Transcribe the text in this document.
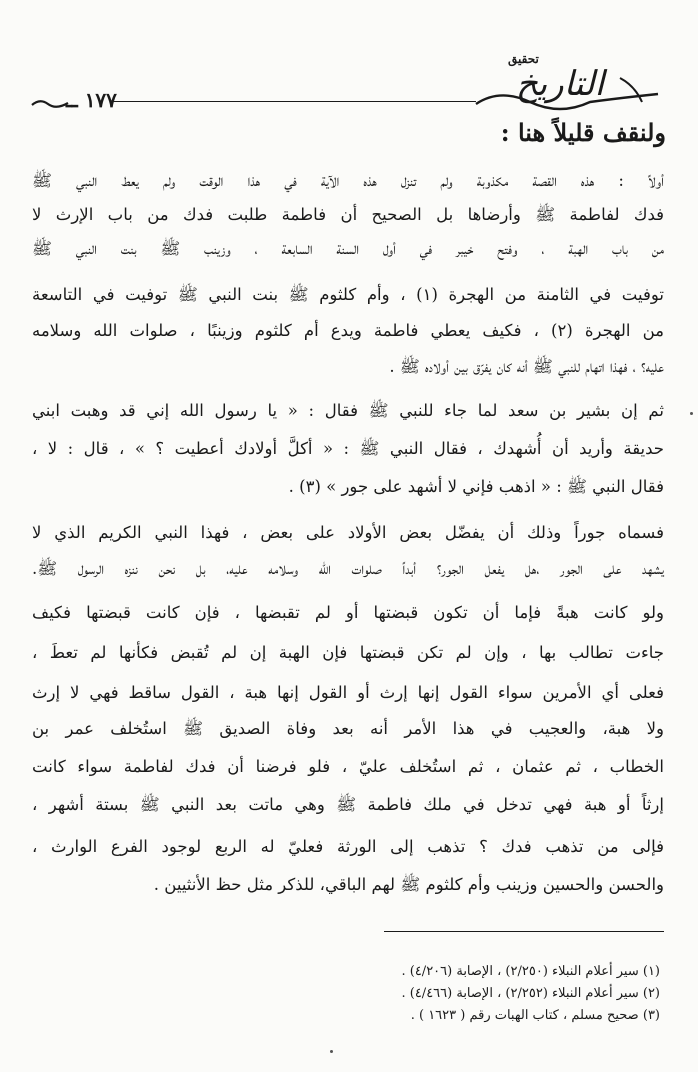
١٧٧ ــ
تحقيق
التاريخ
ولنقف قليلاً هنا :
أولاً : هذه القصة مكذوبة ولم تنزل هذه الآية في هذا الوقت ولم يعط النبي ﷺ
فدك لفاطمة ﷺ وأرضاها بل الصحيح أن فاطمة طلبت فدك من باب الإرث لا
من باب الهبة ، وفتح خيبر في أول السنة السابعة ، وزينب ﷺ بنت النبي ﷺ
توفيت في الثامنة من الهجرة (١) ، وأم كلثوم ﷺ بنت النبي ﷺ توفيت في التاسعة
من الهجرة (٢) ، فكيف يعطي فاطمة ويدع أم كلثوم وزينبًا ، صلوات الله وسلامه
عليه؟ ، فهذا اتهام للنبي ﷺ أنه كان يفرّق بين أولاده ﷺ .
ثم إن بشير بن سعد لما جاء للنبي ﷺ فقال : « يا رسول الله إني قد وهبت ابني
حديقة وأريد أن أُشهدك ، فقال النبي ﷺ : « أكلَّ أولادك أعطيت ؟ » ، قال : لا ،
فقال النبي ﷺ : « اذهب فإني لا أشهد على جور » (٣) .
فسماه جوراً وذلك أن يفضّل بعض الأولاد على بعض ، فهذا النبي الكريم الذي لا
يشهد على الجور ،هل يفعل الجور؟ أبداً صلوات الله وسلامه عليه، بل نحن ننزه الرسول ﷺ.
ولو كانت هبةً فإما أن تكون قبضتها أو لم تقبضها ، فإن كانت قبضتها فكيف
جاءت تطالب بها ، وإن لم تكن قبضتها فإن الهبة إن لم تُقبض فكأنها لم تعطَ ،
فعلى أي الأمرين سواء القول إنها إرث أو القول إنها هبة ، القول ساقط فهي لا إرث
ولا هبة، والعجيب في هذا الأمر أنه بعد وفاة الصديق ﷺ استُخلف عمر بن
الخطاب ، ثم عثمان ، ثم استُخلف عليّ ، فلو فرضنا أن فدك لفاطمة سواء كانت
إرثاً أو هبة فهي تدخل في ملك فاطمة ﷺ وهي ماتت بعد النبي ﷺ بستة أشهر ،
فإلى من تذهب فدك ؟ تذهب إلى الورثة فعليّ له الربع لوجود الفرع الوارث ،
والحسن والحسين وزينب وأم كلثوم ﷺ لهم الباقي، للذكر مثل حظ الأنثيين .
(١) سير أعلام النبلاء (٢/٢٥٠) ، الإصابة (٤/٢٠٦) .
(٢) سير أعلام النبلاء (٢/٢٥٢) ، الإصابة (٤/٤٦٦) .
(٣) صحيح مسلم ، كتاب الهبات رقم ( ١٦٢٣ ) .
